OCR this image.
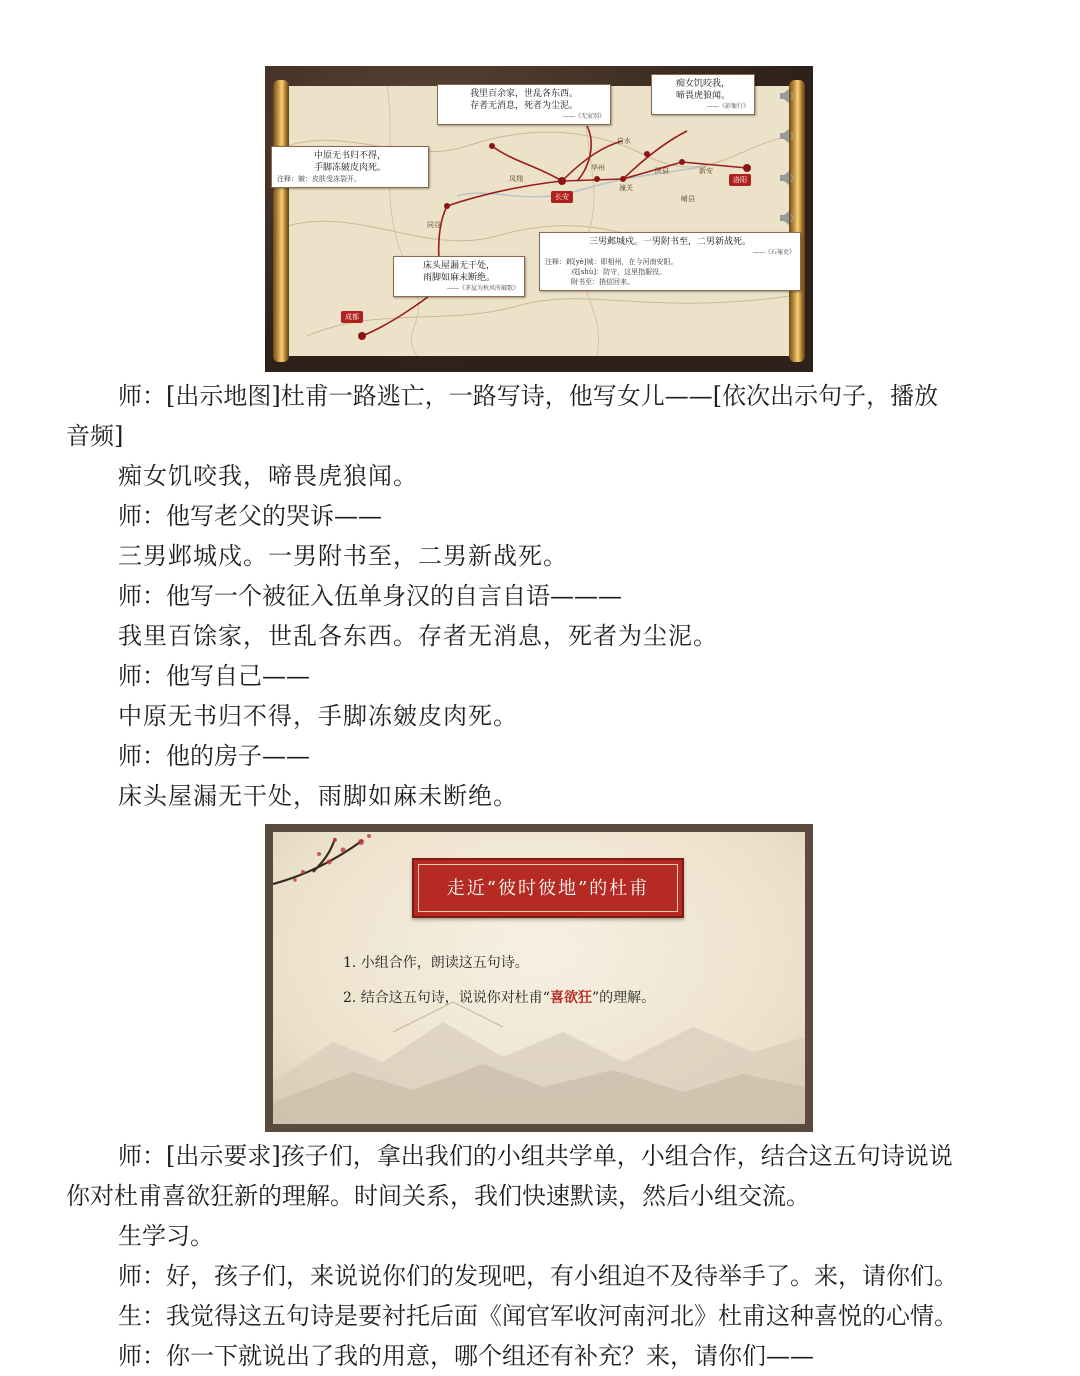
凤翔
白水
华州	新安
陕县
潼关
崤县
同谷
长安
洛阳
成都
我里百余家，世乱各东西。
存者无消息，死者为尘泥。
——《无家别》
痴女饥咬我，
啼畏虎狼闻。
——《彭衙行》
中原无书归不得，
手脚冻皴皮肉死。
注释：皴：皮肤受冻裂开。
床头屋漏无干处，
雨脚如麻未断绝。
——《茅屋为秋风所破歌》
三男邺城戍。一男附书至，二男新战死。
——《石壕吏》
注释：邺[yè]城：即相州，在今河南安阳。
戍[shù]：防守，这里指服役。
附书至：捎信回来。
师：[出示地图]杜甫一路逃亡，一路写诗，他写女儿——[依次出示句子，播放
音频]
痴女饥咬我，啼畏虎狼闻。
师：他写老父的哭诉——
三男邺城戍。一男附书至，二男新战死。
师：他写一个被征入伍单身汉的自言自语———
我里百馀家，世乱各东西。存者无消息，死者为尘泥。
师：他写自己——
中原无书归不得，手脚冻皴皮肉死。
师：他的房子——
床头屋漏无干处，雨脚如麻未断绝。
走近“彼时彼地”的杜甫
1. 小组合作，朗读这五句诗。
2. 结合这五句诗，说说你对杜甫“喜欲狂”的理解。
师：[出示要求]孩子们，拿出我们的小组共学单，小组合作，结合这五句诗说说
你对杜甫喜欲狂新的理解。时间关系，我们快速默读，然后小组交流。
生学习。
师：好，孩子们，来说说你们的发现吧，有小组迫不及待举手了。来，请你们。
生：我觉得这五句诗是要衬托后面《闻官军收河南河北》杜甫这种喜悦的心情。
师：你一下就说出了我的用意，哪个组还有补充？来，请你们——
